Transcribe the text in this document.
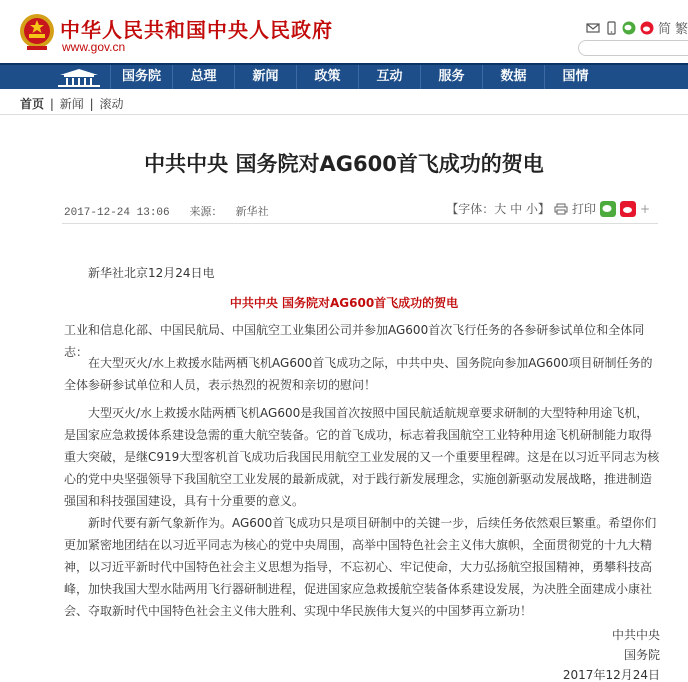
中华人民共和国中央人民政府
www.gov.cn
简 繁
国务院	总理	新闻	政策	互动	服务	数据	国情
首页 | 新闻 | 滚动
中共中央 国务院对AG600首飞成功的贺电
2017-12-24 13:06 来源： 新华社	【字体：大 中 小】 打印	+
新华社北京12月24日电
中共中央 国务院对AG600首飞成功的贺电

工业和信息化部、中国民航局、中国航空工业集团公司并参加AG600首次飞行任务的各参研参试单位和全体同志：

在大型灭火/水上救援水陆两栖飞机AG600首飞成功之际，中共中央、国务院向参加AG600项目研制任务的全体参研参试单位和人员，表示热烈的祝贺和亲切的慰问！

大型灭火/水上救援水陆两栖飞机AG600是我国首次按照中国民航适航规章要求研制的大型特种用途飞机，是国家应急救援体系建设急需的重大航空装备。它的首飞成功，标志着我国航空工业特种用途飞机研制能力取得重大突破，是继C919大型客机首飞成功后我国民用航空工业发展的又一个重要里程碑。这是在以习近平同志为核心的党中央坚强领导下我国航空工业发展的最新成就，对于践行新发展理念，实施创新驱动发展战略，推进制造强国和科技强国建设，具有十分重要的意义。

新时代要有新气象新作为。AG600首飞成功只是项目研制中的关键一步，后续任务依然艰巨繁重。希望你们更加紧密地团结在以习近平同志为核心的党中央周围，高举中国特色社会主义伟大旗帜，全面贯彻党的十九大精神，以习近平新时代中国特色社会主义思想为指导，不忘初心、牢记使命，大力弘扬航空报国精神，勇攀科技高峰，加快我国大型水陆两用飞行器研制进程，促进国家应急救援航空装备体系建设发展，为决胜全面建成小康社会、夺取新时代中国特色社会主义伟大胜利、实现中华民族伟大复兴的中国梦再立新功！

中共中央
国务院
2017年12月24日
